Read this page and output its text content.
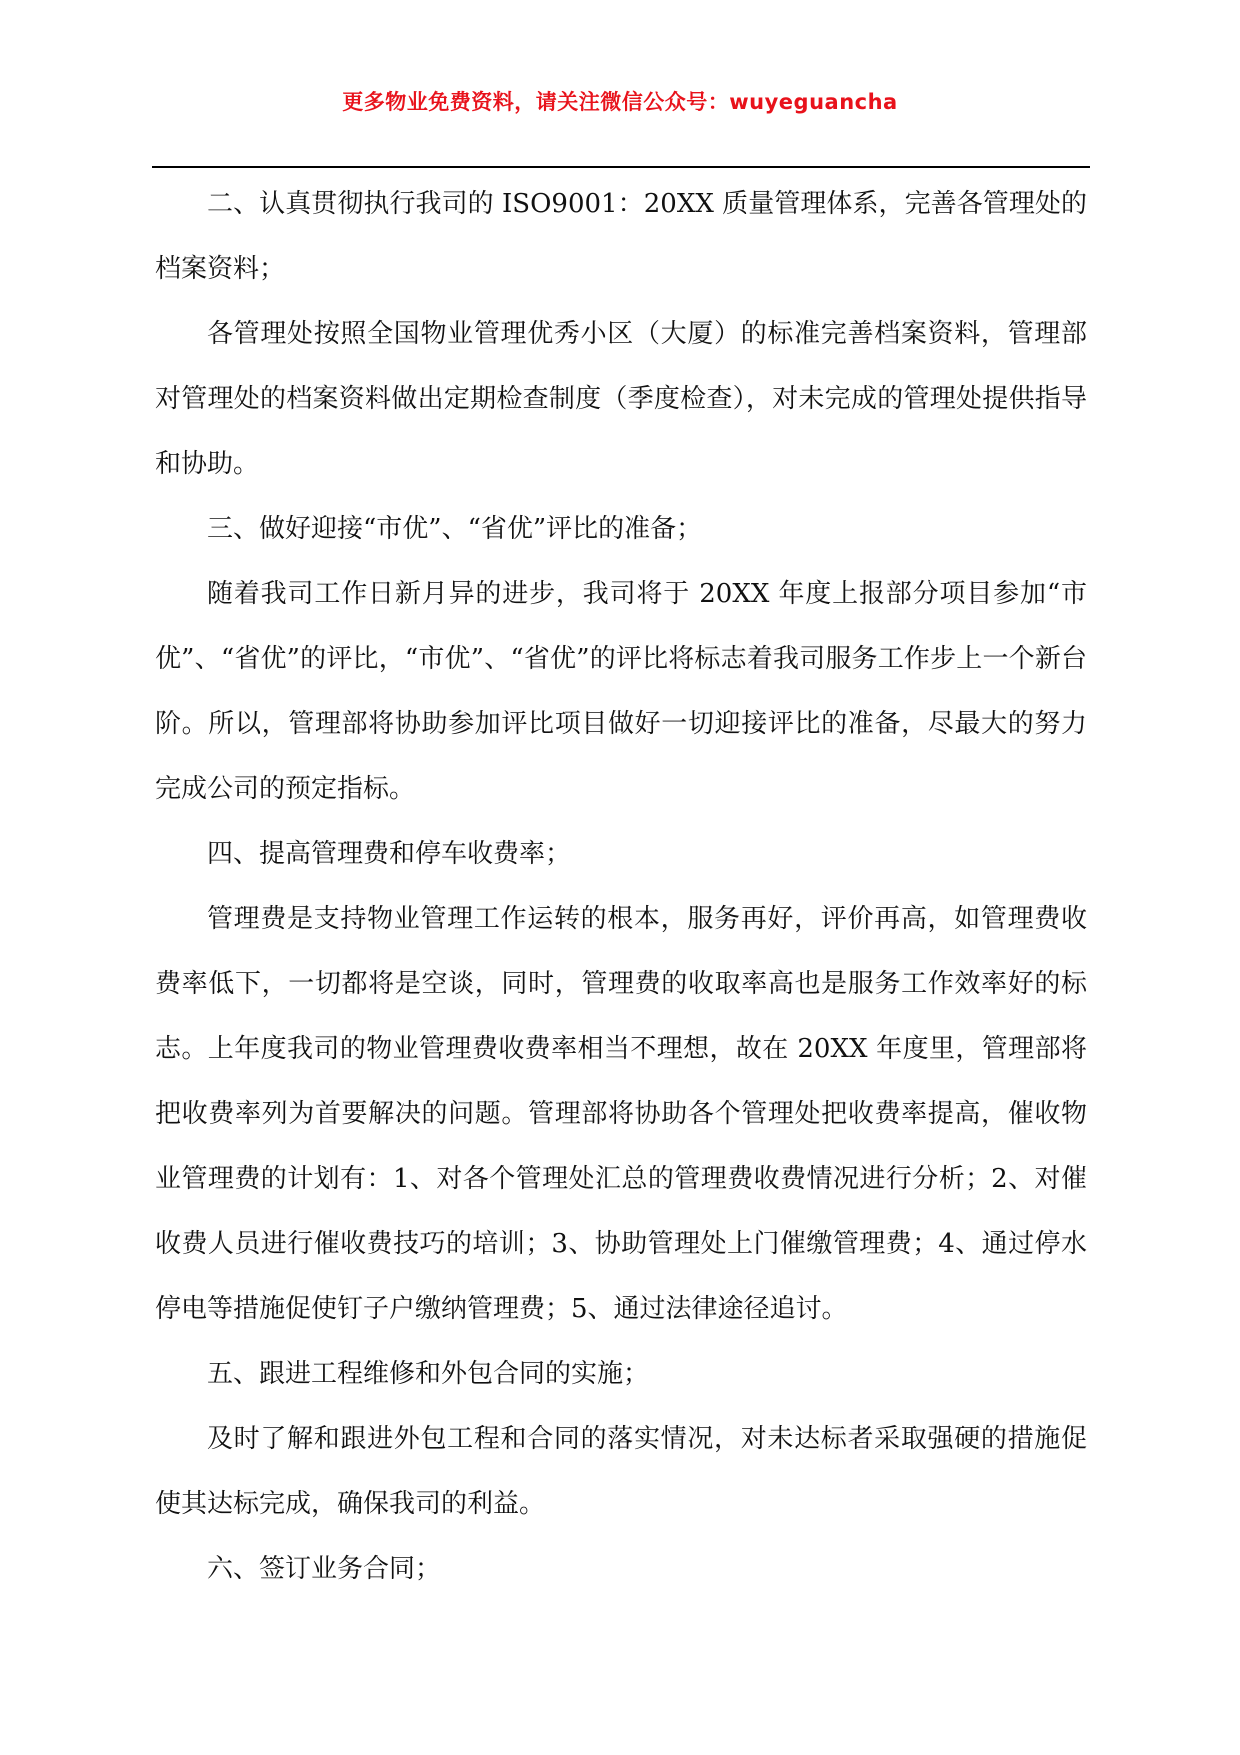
更多物业免费资料，请关注微信公众号：wuyeguancha

二、认真贯彻执行我司的 ISO9001：20XX 质量管理体系，完善各管理处的档案资料；

各管理处按照全国物业管理优秀小区（大厦）的标准完善档案资料，管理部对管理处的档案资料做出定期检查制度（季度检查），对未完成的管理处提供指导和协助。

三、做好迎接“市优”、“省优”评比的准备；

随着我司工作日新月异的进步，我司将于 20XX 年度上报部分项目参加“市优”、“省优”的评比，“市优”、“省优”的评比将标志着我司服务工作步上一个新台阶。所以，管理部将协助参加评比项目做好一切迎接评比的准备，尽最大的努力完成公司的预定指标。

四、提高管理费和停车收费率；

管理费是支持物业管理工作运转的根本，服务再好，评价再高，如管理费收费率低下，一切都将是空谈，同时，管理费的收取率高也是服务工作效率好的标志。上年度我司的物业管理费收费率相当不理想，故在 20XX 年度里，管理部将把收费率列为首要解决的问题。管理部将协助各个管理处把收费率提高，催收物业管理费的计划有：1、对各个管理处汇总的管理费收费情况进行分析；2、对催收费人员进行催收费技巧的培训；3、协助管理处上门催缴管理费；4、通过停水停电等措施促使钉子户缴纳管理费；5、通过法律途径追讨。

五、跟进工程维修和外包合同的实施；

及时了解和跟进外包工程和合同的落实情况，对未达标者采取强硬的措施促使其达标完成，确保我司的利益。

六、签订业务合同；
